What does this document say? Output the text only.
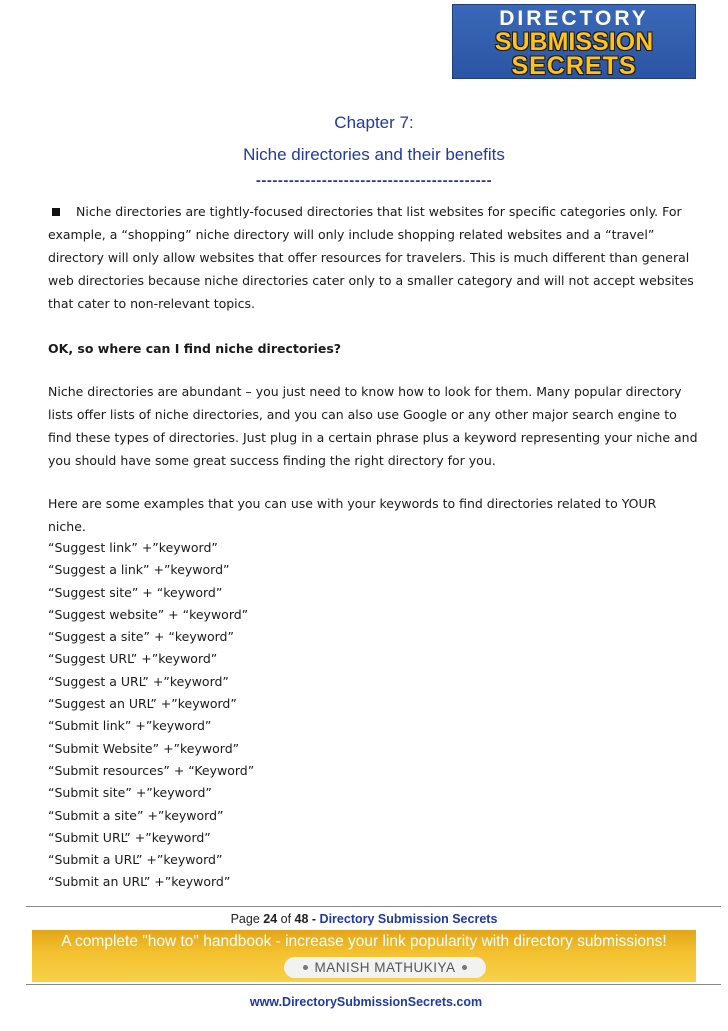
DIRECTORY
SUBMISSION
SECRETS
Chapter 7:
Niche directories and their benefits
-------------------------------------------
Niche directories are tightly-focused directories that list websites for specific categories only. For example, a “shopping” niche directory will only include shopping related websites and a “travel” directory will only allow websites that offer resources for travelers. This is much different than general web directories because niche directories cater only to a smaller category and will not accept websites that cater to non-relevant topics.
OK, so where can I find niche directories?
Niche directories are abundant – you just need to know how to look for them. Many popular directory lists offer lists of niche directories, and you can also use Google or any other major search engine to find these types of directories. Just plug in a certain phrase plus a keyword representing your niche and you should have some great success finding the right directory for you.
Here are some examples that you can use with your keywords to find directories related to YOUR niche.
“Suggest link” +”keyword”
“Suggest a link” +”keyword”
“Suggest site” + “keyword”
“Suggest website” + “keyword”
“Suggest a site” + “keyword”
“Suggest URL” +”keyword”
“Suggest a URL” +”keyword”
“Suggest an URL” +”keyword”
“Submit link” +”keyword”
“Submit Website” +”keyword”
“Submit resources” + “Keyword”
“Submit site” +”keyword”
“Submit a site” +”keyword”
“Submit URL” +”keyword”
“Submit a URL” +”keyword”
“Submit an URL” +”keyword”
Page 24 of 48 - Directory Submission Secrets
A complete "how to" handbook - increase your link popularity with directory submissions!
MANISH MATHUKIYA
www.DirectorySubmissionSecrets.com
